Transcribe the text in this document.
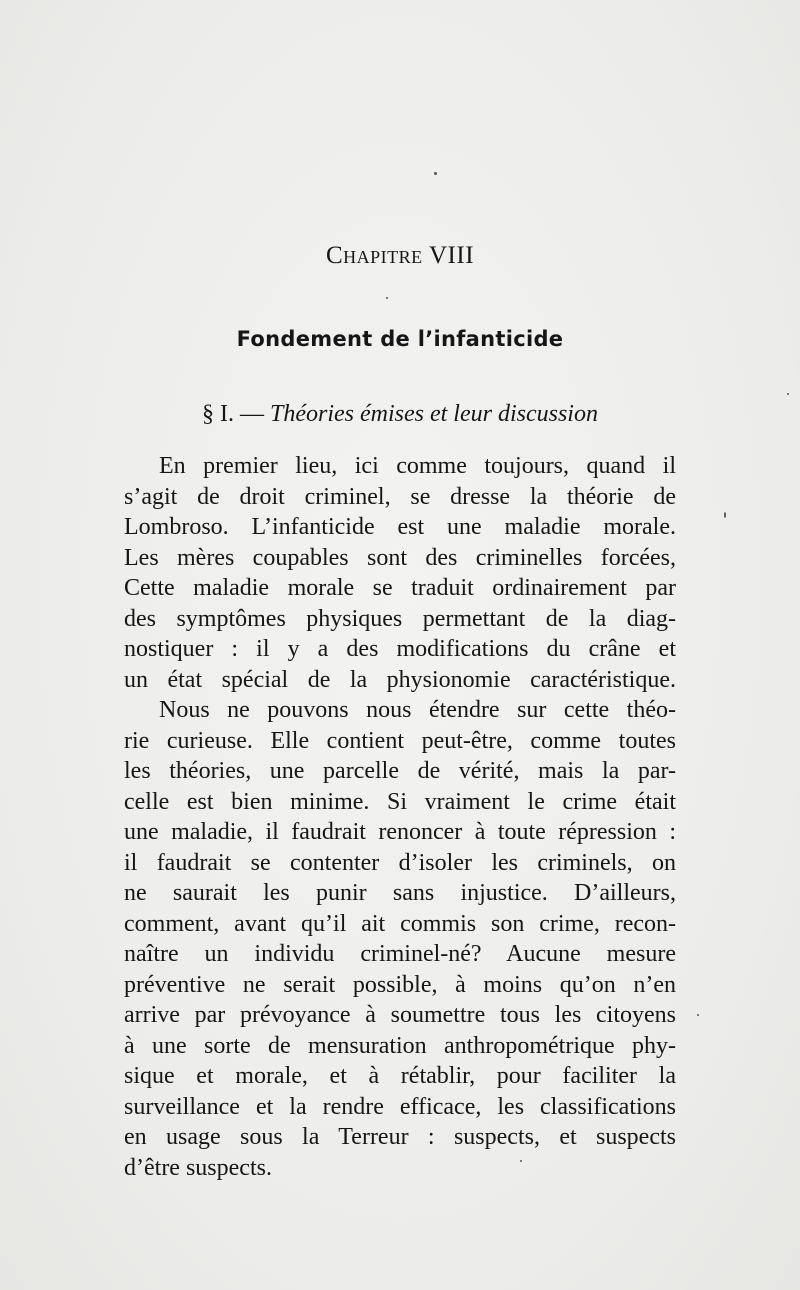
Chapitre VIII
Fondement de l’infanticide
§ I. — Théories émises et leur discussion
En premier lieu, ici comme toujours, quand il
s’agit de droit criminel, se dresse la théorie de
Lombroso. L’infanticide est une maladie morale.
Les mères coupables sont des criminelles forcées,
Cette maladie morale se traduit ordinairement par
des symptômes physiques permettant de la diag-
nostiquer : il y a des modifications du crâne et
un état spécial de la physionomie caractéristique.
Nous ne pouvons nous étendre sur cette théo-
rie curieuse. Elle contient peut-être, comme toutes
les théories, une parcelle de vérité, mais la par-
celle est bien minime. Si vraiment le crime était
une maladie, il faudrait renoncer à toute répression :
il faudrait se contenter d’isoler les criminels, on
ne saurait les punir sans injustice. D’ailleurs,
comment, avant qu’il ait commis son crime, recon-
naître un individu criminel-né? Aucune mesure
préventive ne serait possible, à moins qu’on n’en
arrive par prévoyance à soumettre tous les citoyens
à une sorte de mensuration anthropométrique phy-
sique et morale, et à rétablir, pour faciliter la
surveillance et la rendre efficace, les classifications
en usage sous la Terreur : suspects, et suspects
d’être suspects.
